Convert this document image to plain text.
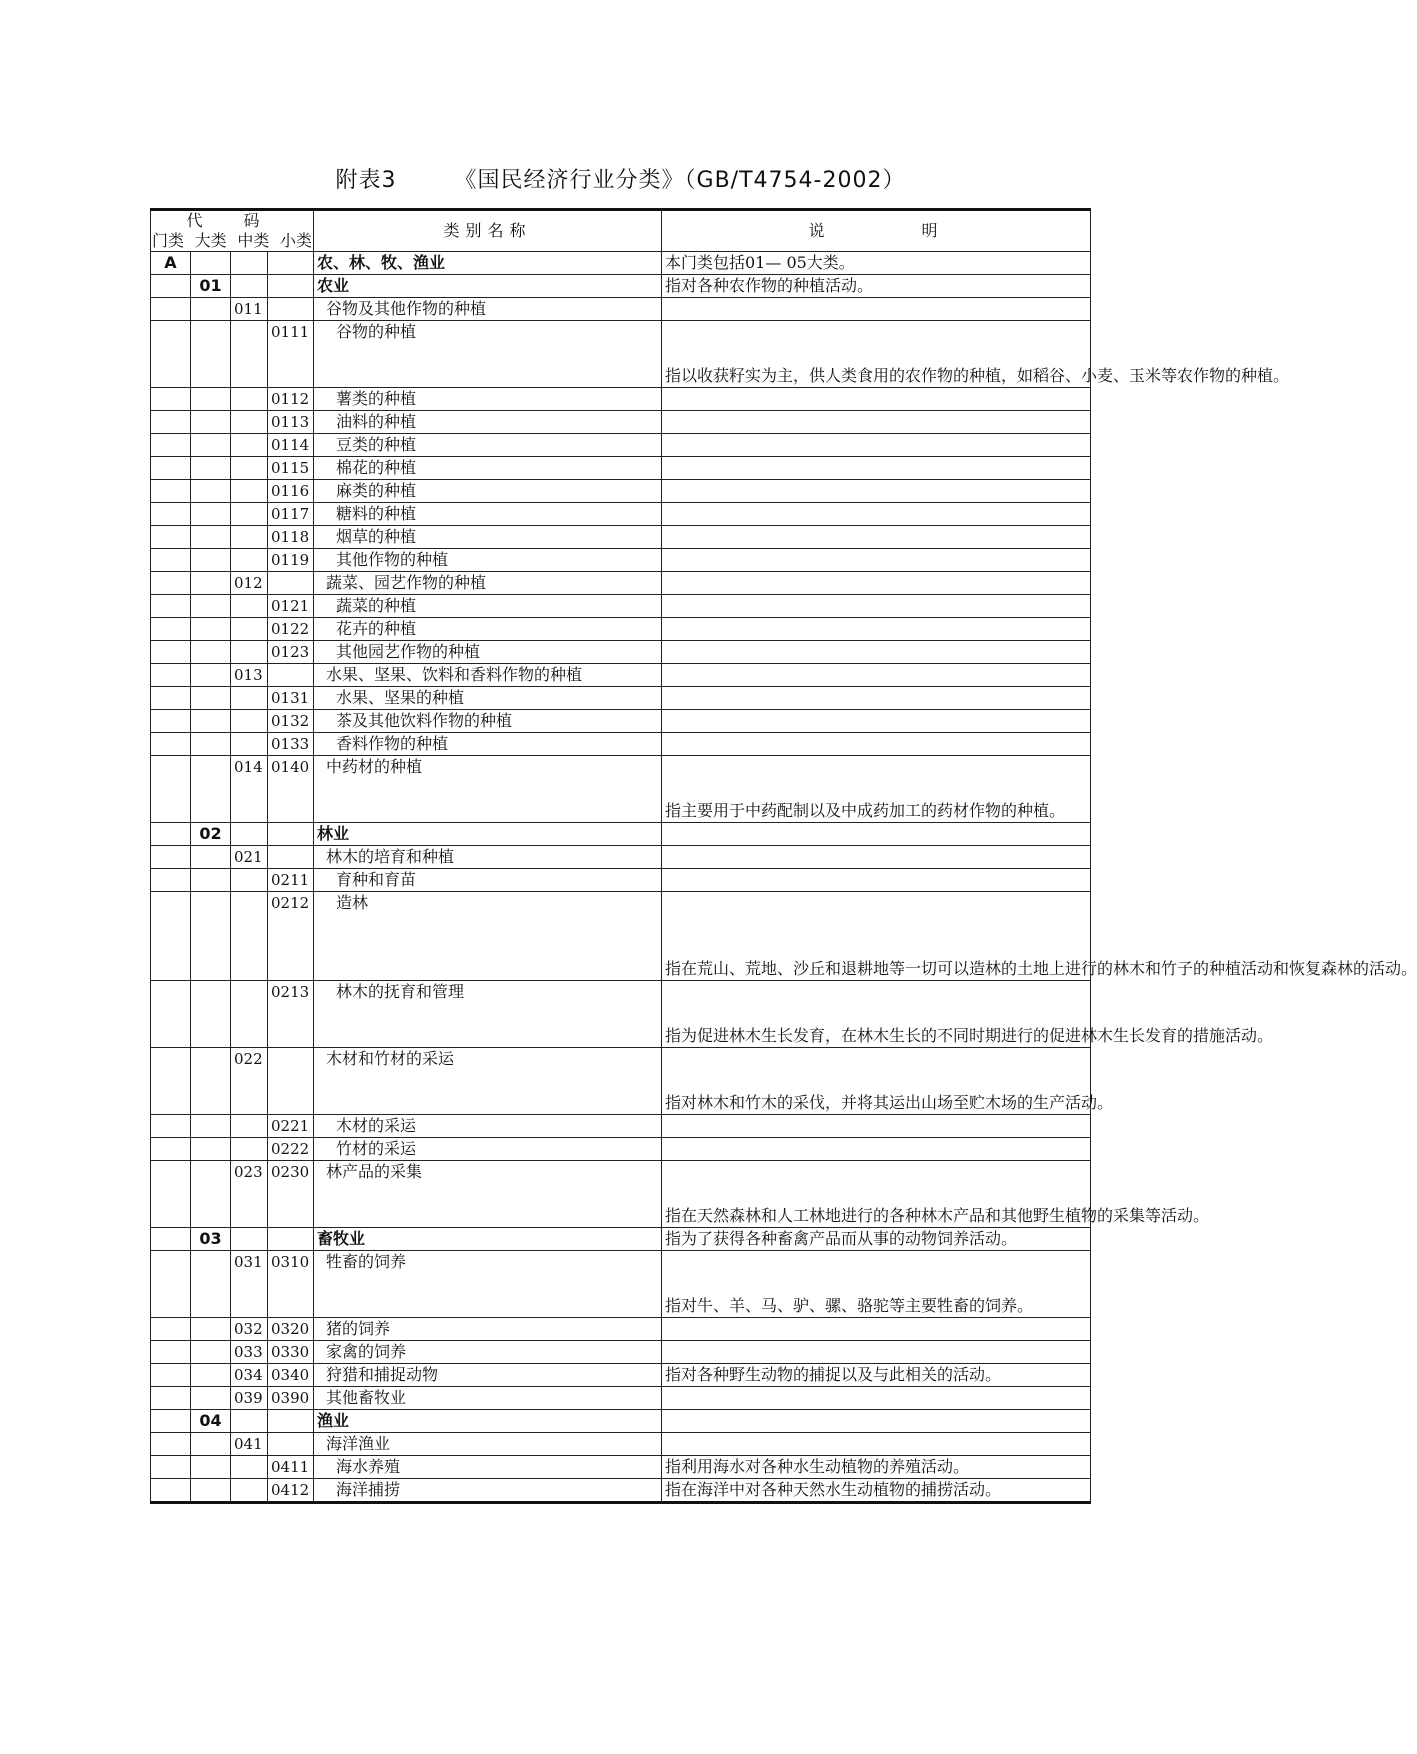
附表3	《国民经济行业分类》（GB/T4754-2002）
代 码
门类 大类 中类 小类				类别名称	说 明
A				农、林、牧、渔业	本门类包括01— 05大类。
	01			农业	指对各种农作物的种植活动。
		011		谷物及其他作物的种植	
			0111	谷物的种植	指以收获籽实为主，供人类食用的农作物的种植，如稻谷、小麦、玉米等农作物的种植。
			0112	薯类的种植	
			0113	油料的种植	
			0114	豆类的种植	
			0115	棉花的种植	
			0116	麻类的种植	
			0117	糖料的种植	
			0118	烟草的种植	
			0119	其他作物的种植	
		012		蔬菜、园艺作物的种植	
			0121	蔬菜的种植	
			0122	花卉的种植	
			0123	其他园艺作物的种植	
		013		水果、坚果、饮料和香料作物的种植	
			0131	水果、坚果的种植	
			0132	茶及其他饮料作物的种植	
			0133	香料作物的种植	
		014	0140	中药材的种植	指主要用于中药配制以及中成药加工的药材作物的种植。
	02			林业	
		021		林木的培育和种植	
			0211	育种和育苗	
			0212	造林	指在荒山、荒地、沙丘和退耕地等一切可以造林的土地上进行的林木和竹子的种植活动和恢复森林的活动。
			0213	林木的抚育和管理	指为促进林木生长发育，在林木生长的不同时期进行的促进林木生长发育的措施活动。
		022		木材和竹材的采运	指对林木和竹木的采伐，并将其运出山场至贮木场的生产活动。
			0221	木材的采运	
			0222	竹材的采运	
		023	0230	林产品的采集	指在天然森林和人工林地进行的各种林木产品和其他野生植物的采集等活动。
	03			畜牧业	指为了获得各种畜禽产品而从事的动物饲养活动。
		031	0310	牲畜的饲养	指对牛、羊、马、驴、骡、骆驼等主要牲畜的饲养。
		032	0320	猪的饲养	
		033	0330	家禽的饲养	
		034	0340	狩猎和捕捉动物	指对各种野生动物的捕捉以及与此相关的活动。
		039	0390	其他畜牧业	
	04			渔业	
		041		海洋渔业	
			0411	海水养殖	指利用海水对各种水生动植物的养殖活动。
			0412	海洋捕捞	指在海洋中对各种天然水生动植物的捕捞活动。
